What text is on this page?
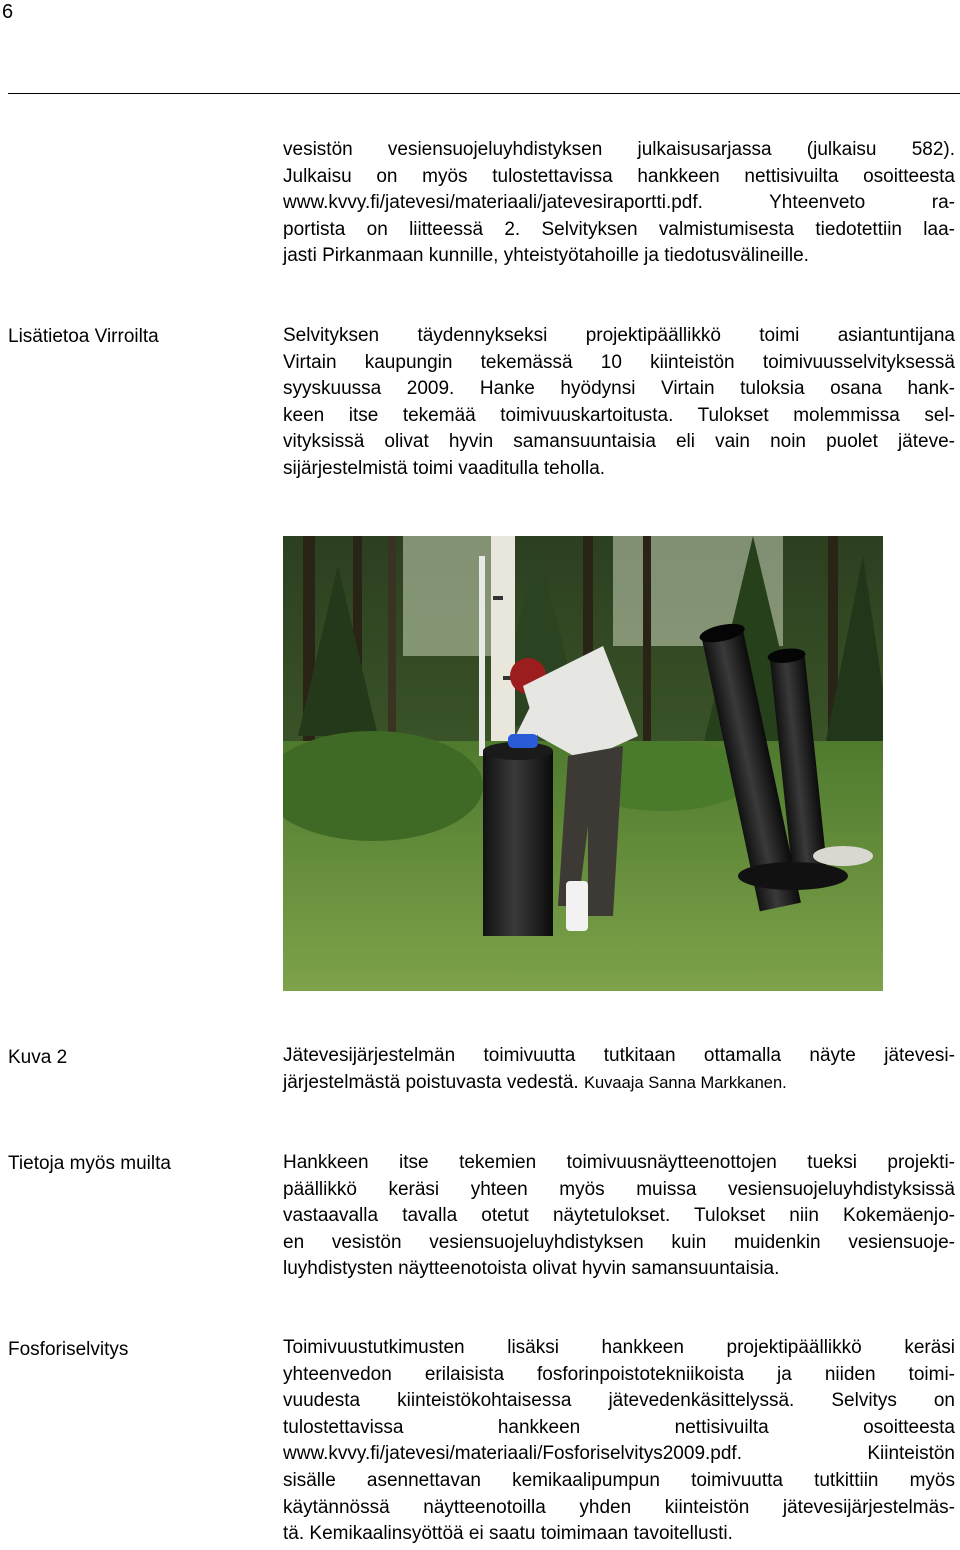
6
vesistön vesiensuojeluyhdistyksen julkaisusarjassa (julkaisu 582).
Julkaisu on myös tulostettavissa hankkeen nettisivuilta osoitteesta
www.kvvy.fi/jatevesi/materiaali/jatevesiraportti.pdf. Yhteenveto ra-
portista on liitteessä 2. Selvityksen valmistumisesta tiedotettiin laa-
jasti Pirkanmaan kunnille, yhteistyötahoille ja tiedotusvälineille.
Lisätietoa Virroilta	Selvityksen täydennykseksi projektipäällikkö toimi asiantuntijana
Virtain kaupungin tekemässä 10 kiinteistön toimivuusselvityksessä
syyskuussa 2009. Hanke hyödynsi Virtain tuloksia osana hank-
keen itse tekemää toimivuuskartoitusta. Tulokset molemmissa sel-
vityksissä olivat hyvin samansuuntaisia eli vain noin puolet jäteve-
sijärjestelmistä toimi vaaditulla teholla.
Kuva 2	Jätevesijärjestelmän toimivuutta tutkitaan ottamalla näyte jätevesi-
järjestelmästä poistuvasta vedestä. Kuvaaja Sanna Markkanen.
Tietoja myös muilta	Hankkeen itse tekemien toimivuusnäytteenottojen tueksi projekti-
päällikkö keräsi yhteen myös muissa vesiensuojeluyhdistyksissä
vastaavalla tavalla otetut näytetulokset. Tulokset niin Kokemäenjo-
en vesistön vesiensuojeluyhdistyksen kuin muidenkin vesiensuoje-
luyhdistysten näytteenotoista olivat hyvin samansuuntaisia.
Fosforiselvitys	Toimivuustutkimusten lisäksi hankkeen projektipäällikkö keräsi
yhteenvedon erilaisista fosforinpoistotekniikoista ja niiden toimi-
vuudesta kiinteistökohtaisessa jätevedenkäsittelyssä. Selvitys on
tulostettavissa hankkeen nettisivuilta osoitteesta
www.kvvy.fi/jatevesi/materiaali/Fosforiselvitys2009.pdf. Kiinteistön
sisälle asennettavan kemikaalipumpun toimivuutta tutkittiin myös
käytännössä näytteenotoilla yhden kiinteistön jätevesijärjestelmäs-
tä. Kemikaalinsyöttöä ei saatu toimimaan tavoitellusti.
